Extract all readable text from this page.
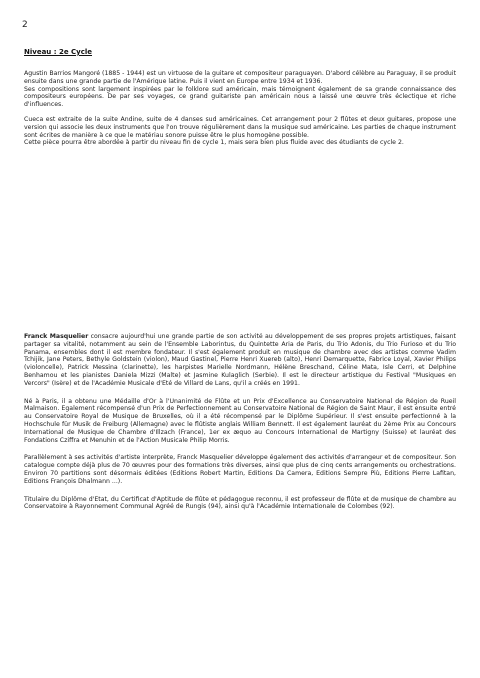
2
Niveau : 2e Cycle

Agustin Barrios Mangoré (1885 - 1944) est un virtuose de la guitare et compositeur paraguayen. D'abord célèbre au Paraguay, il se produit ensuite dans une grande partie de l'Amérique latine. Puis il vient en Europe entre 1934 et 1936.

Ses compositions sont largement inspirées par le folklore sud américain, mais témoignent également de sa grande connaissance des compositeurs européens. De par ses voyages, ce grand guitariste pan américain nous a laissé une œuvre très éclectique et riche d'influences.

Cueca est extraite de la suite Andine, suite de 4 danses sud américaines. Cet arrangement pour 2 flûtes et deux guitares, propose une version qui associe les deux instruments que l'on trouve régulièrement dans la musique sud américaine. Les parties de chaque instrument sont écrites de manière à ce que le matériau sonore puisse être le plus homogène possible.

Cette pièce pourra être abordée à partir du niveau fin de cycle 1, mais sera bien plus fluide avec des étudiants de cycle 2.

Franck Masquelier consacre aujourd'hui une grande partie de son activité au développement de ses propres projets artistiques, faisant partager sa vitalité, notamment au sein de l'Ensemble Laborintus, du Quintette Aria de Paris, du Trio Adonis, du Trio Furioso et du Trio Panama, ensembles dont il est membre fondateur. Il s'est également produit en musique de chambre avec des artistes comme Vadim Tchijik, Jane Peters, Bethyle Goldstein (violon), Maud Gastinel, Pierre Henri Xuereb (alto), Henri Demarquette, Fabrice Loyal, Xavier Philips (violoncelle), Patrick Messina (clarinette), les harpistes Marielle Nordmann, Hélène Breschand, Céline Mata, Isle Cerri, et Delphine Benhamou et les pianistes Daniela Mizzi (Malte) et Jasmine Kulaglich (Serbie). Il est le directeur artistique du Festival "Musiques en Vercors" (Isère) et de l'Académie Musicale d'Eté de Villard de Lans, qu'il a créés en 1991.

Né à Paris, il a obtenu une Médaille d'Or à l'Unanimité de Flûte et un Prix d'Excellence au Conservatoire National de Région de Rueil Malmaison. Egalement récompensé d'un Prix de Perfectionnement au Conservatoire National de Région de Saint Maur, il est ensuite entré au Conservatoire Royal de Musique de Bruxelles, où il a été récompensé par le Diplôme Supérieur. Il s'est ensuite perfectionné à la Hochschule für Musik de Freiburg (Allemagne) avec le flûtiste anglais William Bennett. Il est également lauréat du 2ème Prix au Concours International de Musique de Chambre d'Illzach (France), 1er ex æquo au Concours International de Martigny (Suisse) et lauréat des Fondations Cziffra et Menuhin et de l'Action Musicale Philip Morris.

Parallèlement à ses activités d'artiste interprète, Franck Masquelier développe également des activités d'arrangeur et de compositeur. Son catalogue compte déjà plus de 70 œuvres pour des formations très diverses, ainsi que plus de cinq cents arrangements ou orchestrations. Environ 70 partitions sont désormais éditées (Editions Robert Martin, Editions Da Camera, Editions Sempre Più, Editions Pierre Lafitan, Editions François Dhalmann ...).

Titulaire du Diplôme d'Etat, du Certificat d'Aptitude de flûte et pédagogue reconnu, il est professeur de flûte et de musique de chambre au Conservatoire à Rayonnement Communal Agréé de Rungis (94), ainsi qu'à l'Académie Internationale de Colombes (92).
